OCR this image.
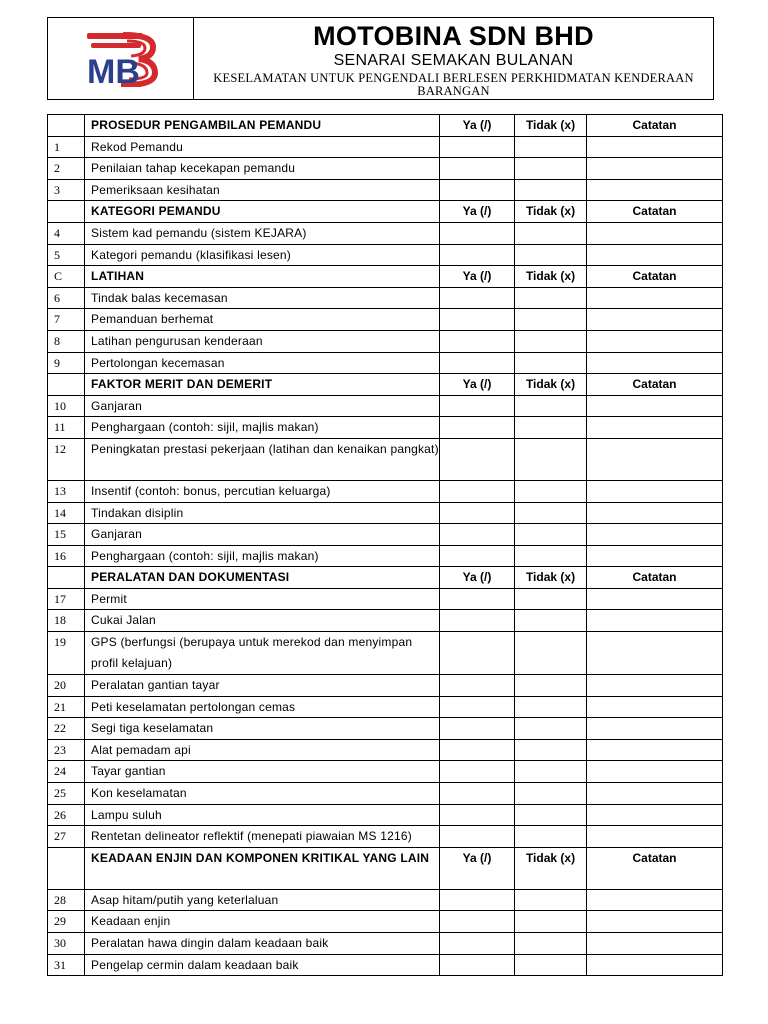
MB
MOTOBINA SDN BHD
SENARAI SEMAKAN BULANAN
KESELAMATAN UNTUK PENGENDALI BERLESEN PERKHIDMATAN KENDERAAN BARANGAN
	PROSEDUR PENGAMBILAN PEMANDU	Ya (/)	Tidak (x)	Catatan
1	Rekod Pemandu			
2	Penilaian tahap kecekapan pemandu			
3	Pemeriksaan kesihatan			
	KATEGORI PEMANDU	Ya (/)	Tidak (x)	Catatan
4	Sistem kad pemandu (sistem KEJARA)			
5	Kategori pemandu (klasifikasi lesen)			
C	LATIHAN	Ya (/)	Tidak (x)	Catatan
6	Tindak balas kecemasan			
7	Pemanduan berhemat			
8	Latihan pengurusan kenderaan			
9	Pertolongan kecemasan			
	FAKTOR MERIT DAN DEMERIT	Ya (/)	Tidak (x)	Catatan
10	Ganjaran			
11	Penghargaan (contoh: sijil, majlis makan)			
12	Peningkatan prestasi pekerjaan (latihan dan kenaikan pangkat)			
13	Insentif (contoh: bonus, percutian keluarga)			
14	Tindakan disiplin			
15	Ganjaran			
16	Penghargaan (contoh: sijil, majlis makan)			
	PERALATAN DAN DOKUMENTASI	Ya (/)	Tidak (x)	Catatan
17	Permit			
18	Cukai Jalan			
19	GPS (berfungsi (berupaya untuk merekod dan menyimpan profil kelajuan)			
20	Peralatan gantian tayar			
21	Peti keselamatan pertolongan cemas			
22	Segi tiga keselamatan			
23	Alat pemadam api			
24	Tayar gantian			
25	Kon keselamatan			
26	Lampu suluh			
27	Rentetan delineator reflektif (menepati piawaian MS 1216)			
	KEADAAN ENJIN DAN KOMPONEN KRITIKAL YANG LAIN	Ya (/)	Tidak (x)	Catatan
28	Asap hitam/putih yang keterlaluan			
29	Keadaan enjin			
30	Peralatan hawa dingin dalam keadaan baik			
31	Pengelap cermin dalam keadaan baik			
